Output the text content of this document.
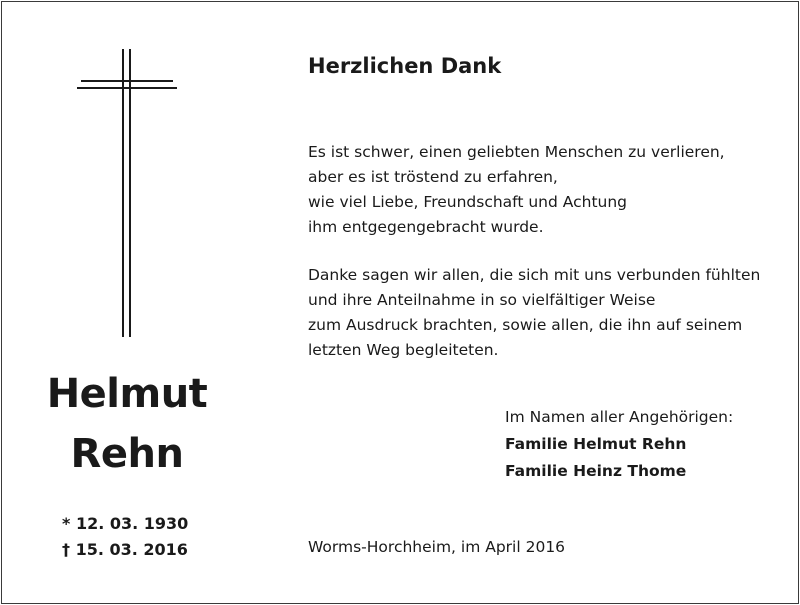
Helmut
Rehn
* 12. 03. 1930
† 15. 03. 2016
Herzlichen Dank
Es ist schwer, einen geliebten Menschen zu verlieren,
aber es ist tröstend zu erfahren,
wie viel Liebe, Freundschaft und Achtung
ihm entgegengebracht wurde.
Danke sagen wir allen, die sich mit uns verbunden fühlten
und ihre Anteilnahme in so vielfältiger Weise
zum Ausdruck brachten, sowie allen, die ihn auf seinem
letzten Weg begleiteten.
Im Namen aller Angehörigen:
Familie Helmut Rehn
Familie Heinz Thome
Worms-Horchheim, im April 2016
